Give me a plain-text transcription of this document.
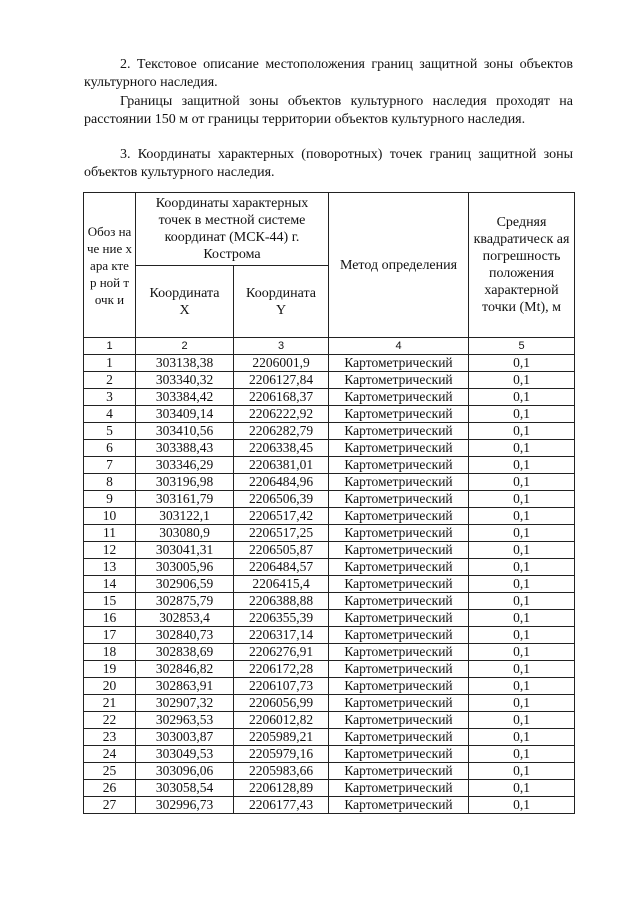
2. Текстовое описание местоположения границ защитной зоны объектов культурного наследия.

Границы защитной зоны объектов культурного наследия проходят на расстоянии 150 м от границы территории объектов культурного наследия.

3. Координаты характерных (поворотных) точек границ защитной зоны объектов культурного наследия.

Обоз наче ние хара ктер ной точк и	Координаты характерных точек в местной системе координат (МСК-44) г. Кострома		Метод определения	Средняя квадратическ ая погрешность положения характерной точки (Mt), м
	Координата X	Координата Y		
1	2	3	4	5
1	303138,38	2206001,9	Картометрический	0,1
2	303340,32	2206127,84	Картометрический	0,1
3	303384,42	2206168,37	Картометрический	0,1
4	303409,14	2206222,92	Картометрический	0,1
5	303410,56	2206282,79	Картометрический	0,1
6	303388,43	2206338,45	Картометрический	0,1
7	303346,29	2206381,01	Картометрический	0,1
8	303196,98	2206484,96	Картометрический	0,1
9	303161,79	2206506,39	Картометрический	0,1
10	303122,1	2206517,42	Картометрический	0,1
11	303080,9	2206517,25	Картометрический	0,1
12	303041,31	2206505,87	Картометрический	0,1
13	303005,96	2206484,57	Картометрический	0,1
14	302906,59	2206415,4	Картометрический	0,1
15	302875,79	2206388,88	Картометрический	0,1
16	302853,4	2206355,39	Картометрический	0,1
17	302840,73	2206317,14	Картометрический	0,1
18	302838,69	2206276,91	Картометрический	0,1
19	302846,82	2206172,28	Картометрический	0,1
20	302863,91	2206107,73	Картометрический	0,1
21	302907,32	2206056,99	Картометрический	0,1
22	302963,53	2206012,82	Картометрический	0,1
23	303003,87	2205989,21	Картометрический	0,1
24	303049,53	2205979,16	Картометрический	0,1
25	303096,06	2205983,66	Картометрический	0,1
26	303058,54	2206128,89	Картометрический	0,1
27	302996,73	2206177,43	Картометрический	0,1
